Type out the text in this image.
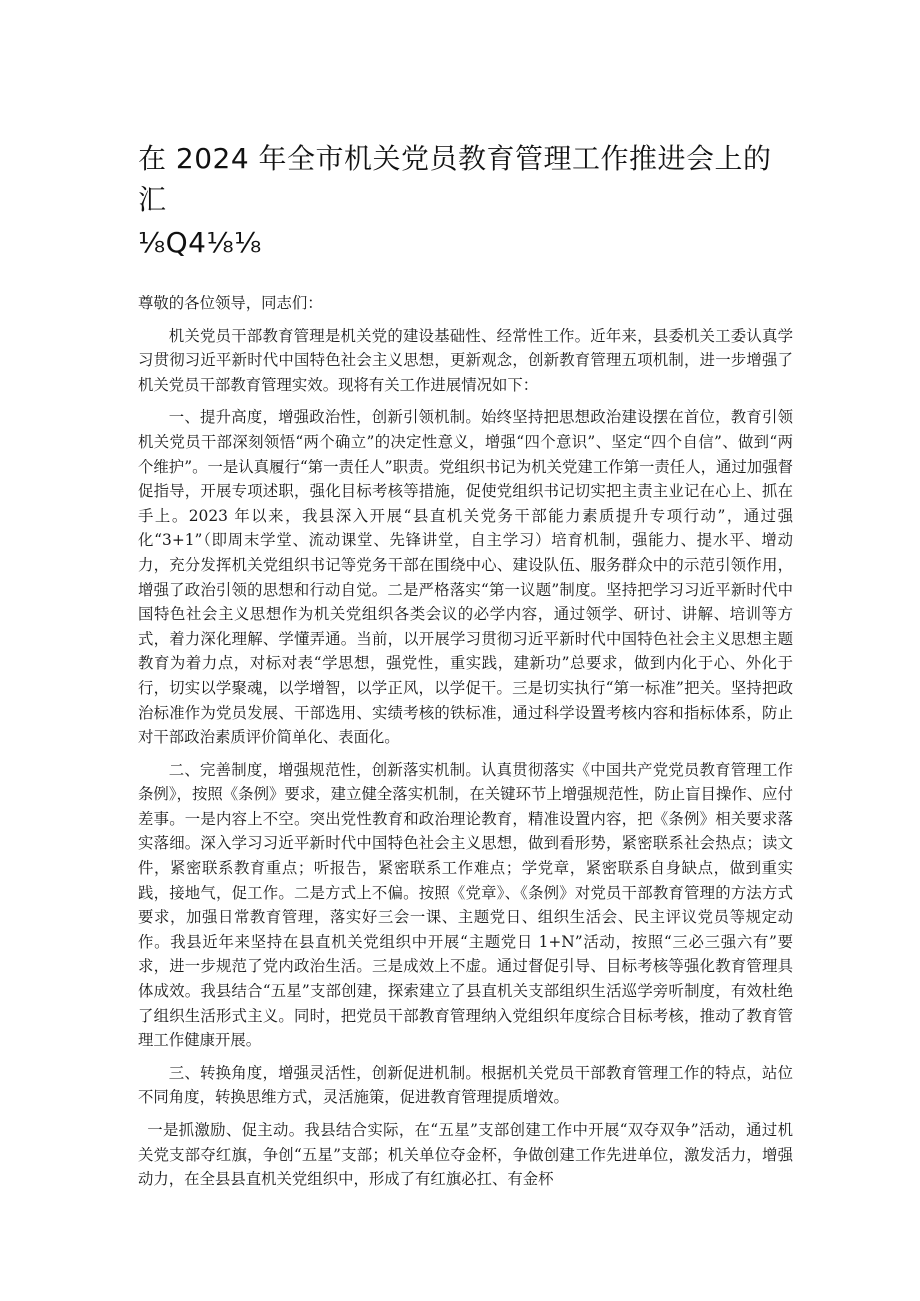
在 2024 年全市机关党员教育管理工作推进会上的汇
⅛Q4⅛⅛
尊敬的各位领导，同志们：

机关党员干部教育管理是机关党的建设基础性、经常性工作。近年来，县委机关工委认真学习贯彻习近平新时代中国特色社会主义思想，更新观念，创新教育管理五项机制，进一步增强了机关党员干部教育管理实效。现将有关工作进展情况如下：

一、提升高度，增强政治性，创新引领机制。始终坚持把思想政治建设摆在首位，教育引领机关党员干部深刻领悟“两个确立”的决定性意义，增强“四个意识”、坚定“四个自信”、做到“两个维护”。一是认真履行“第一责任人”职责。党组织书记为机关党建工作第一责任人，通过加强督促指导，开展专项述职，强化目标考核等措施，促使党组织书记切实把主责主业记在心上、抓在手上。2023 年以来，我县深入开展“县直机关党务干部能力素质提升专项行动”，通过强化“3+1”（即周末学堂、流动课堂、先锋讲堂，自主学习）培育机制，强能力、提水平、增动力，充分发挥机关党组织书记等党务干部在围绕中心、建设队伍、服务群众中的示范引领作用，增强了政治引领的思想和行动自觉。二是严格落实“第一议题”制度。坚持把学习习近平新时代中国特色社会主义思想作为机关党组织各类会议的必学内容，通过领学、研讨、讲解、培训等方式，着力深化理解、学懂弄通。当前，以开展学习贯彻习近平新时代中国特色社会主义思想主题教育为着力点，对标对表“学思想，强党性，重实践，建新功”总要求，做到内化于心、外化于行，切实以学聚魂，以学增智，以学正风，以学促干。三是切实执行“第一标准”把关。坚持把政治标准作为党员发展、干部选用、实绩考核的铁标准，通过科学设置考核内容和指标体系，防止对干部政治素质评价简单化、表面化。

二、完善制度，增强规范性，创新落实机制。认真贯彻落实《中国共产党党员教育管理工作条例》，按照《条例》要求，建立健全落实机制，在关键环节上增强规范性，防止盲目操作、应付差事。一是内容上不空。突出党性教育和政治理论教育，精准设置内容，把《条例》相关要求落实落细。深入学习习近平新时代中国特色社会主义思想，做到看形势，紧密联系社会热点；读文件，紧密联系教育重点；听报告，紧密联系工作难点；学党章，紧密联系自身缺点，做到重实践，接地气，促工作。二是方式上不偏。按照《党章》、《条例》对党员干部教育管理的方法方式要求，加强日常教育管理，落实好三会一课、主题党日、组织生活会、民主评议党员等规定动作。我县近年来坚持在县直机关党组织中开展“主题党日 1+N”活动，按照“三必三强六有”要求，进一步规范了党内政治生活。三是成效上不虚。通过督促引导、目标考核等强化教育管理具体成效。我县结合“五星”支部创建，探索建立了县直机关支部组织生活巡学旁听制度，有效杜绝了组织生活形式主义。同时，把党员干部教育管理纳入党组织年度综合目标考核，推动了教育管理工作健康开展。

三、转换角度，增强灵活性，创新促进机制。根据机关党员干部教育管理工作的特点，站位不同角度，转换思维方式，灵活施策，促进教育管理提质增效。

一是抓激励、促主动。我县结合实际，在“五星”支部创建工作中开展“双夺双争”活动，通过机关党支部夺红旗，争创“五星”支部；机关单位夺金杯，争做创建工作先进单位，激发活力，增强动力，在全县县直机关党组织中，形成了有红旗必扛、有金杯
